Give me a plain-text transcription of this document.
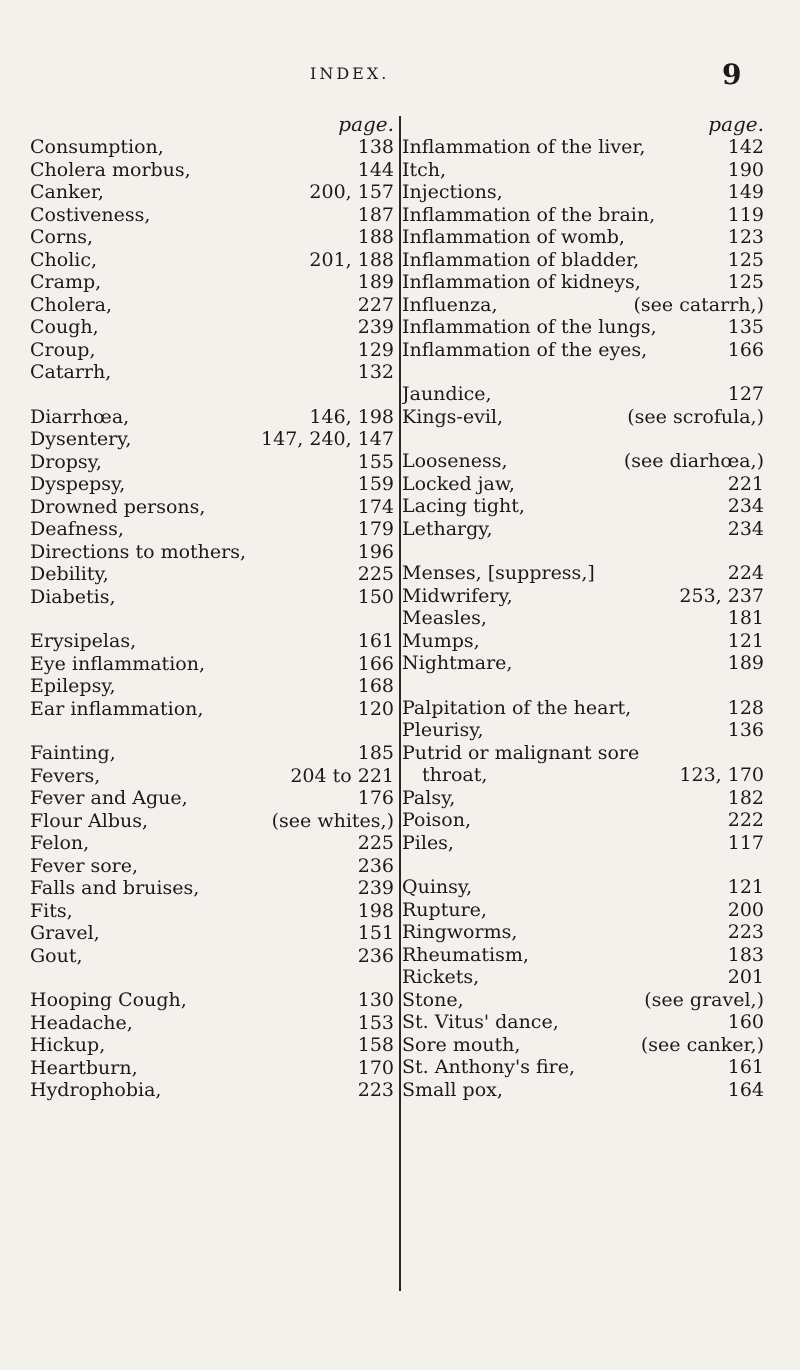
INDEX.	9
page.
Consumption,	138
Cholera morbus,	144
Canker,	200, 157
Costiveness,	187
Corns,	188
Cholic,	201, 188
Cramp,	189
Cholera,	227
Cough,	239
Croup,	129
Catarrh,	132
Diarrhœa,	146, 198
Dysentery,	147, 240, 147
Dropsy,	155
Dyspepsy,	159
Drowned persons,	174
Deafness,	179
Directions to mothers,	196
Debility,	225
Diabetis,	150
Erysipelas,	161
Eye inflammation,	166
Epilepsy,	168
Ear inflammation,	120
Fainting,	185
Fevers,	204 to 221
Fever and Ague,	176
Flour Albus,	(see whites,)
Felon,	225
Fever sore,	236
Falls and bruises,	239
Fits,	198
Gravel,	151
Gout,	236
Hooping Cough,	130
Headache,	153
Hickup,	158
Heartburn,	170
Hydrophobia,	223
page.
Inflammation of the liver,	142
Itch,	190
Injections,	149
Inflammation of the brain,	119
Inflammation of womb,	123
Inflammation of bladder,	125
Inflammation of kidneys,	125
Influenza,	(see catarrh,)
Inflammation of the lungs,	135
Inflammation of the eyes,	166
Jaundice,	127
Kings-evil,	(see scrofula,)
Looseness,	(see diarhœa,)
Locked jaw,	221
Lacing tight,	234
Lethargy,	234
Menses, [suppress,]	224
Midwrifery,	253, 237
Measles,	181
Mumps,	121
Nightmare,	189
Palpitation of the heart,	128
Pleurisy,	136
Putrid or malignant sore
throat,	123, 170
Palsy,	182
Poison,	222
Piles,	117
Quinsy,	121
Rupture,	200
Ringworms,	223
Rheumatism,	183
Rickets,	201
Stone,	(see gravel,)
St. Vitus' dance,	160
Sore mouth,	(see canker,)
St. Anthony's fire,	161
Small pox,	164
